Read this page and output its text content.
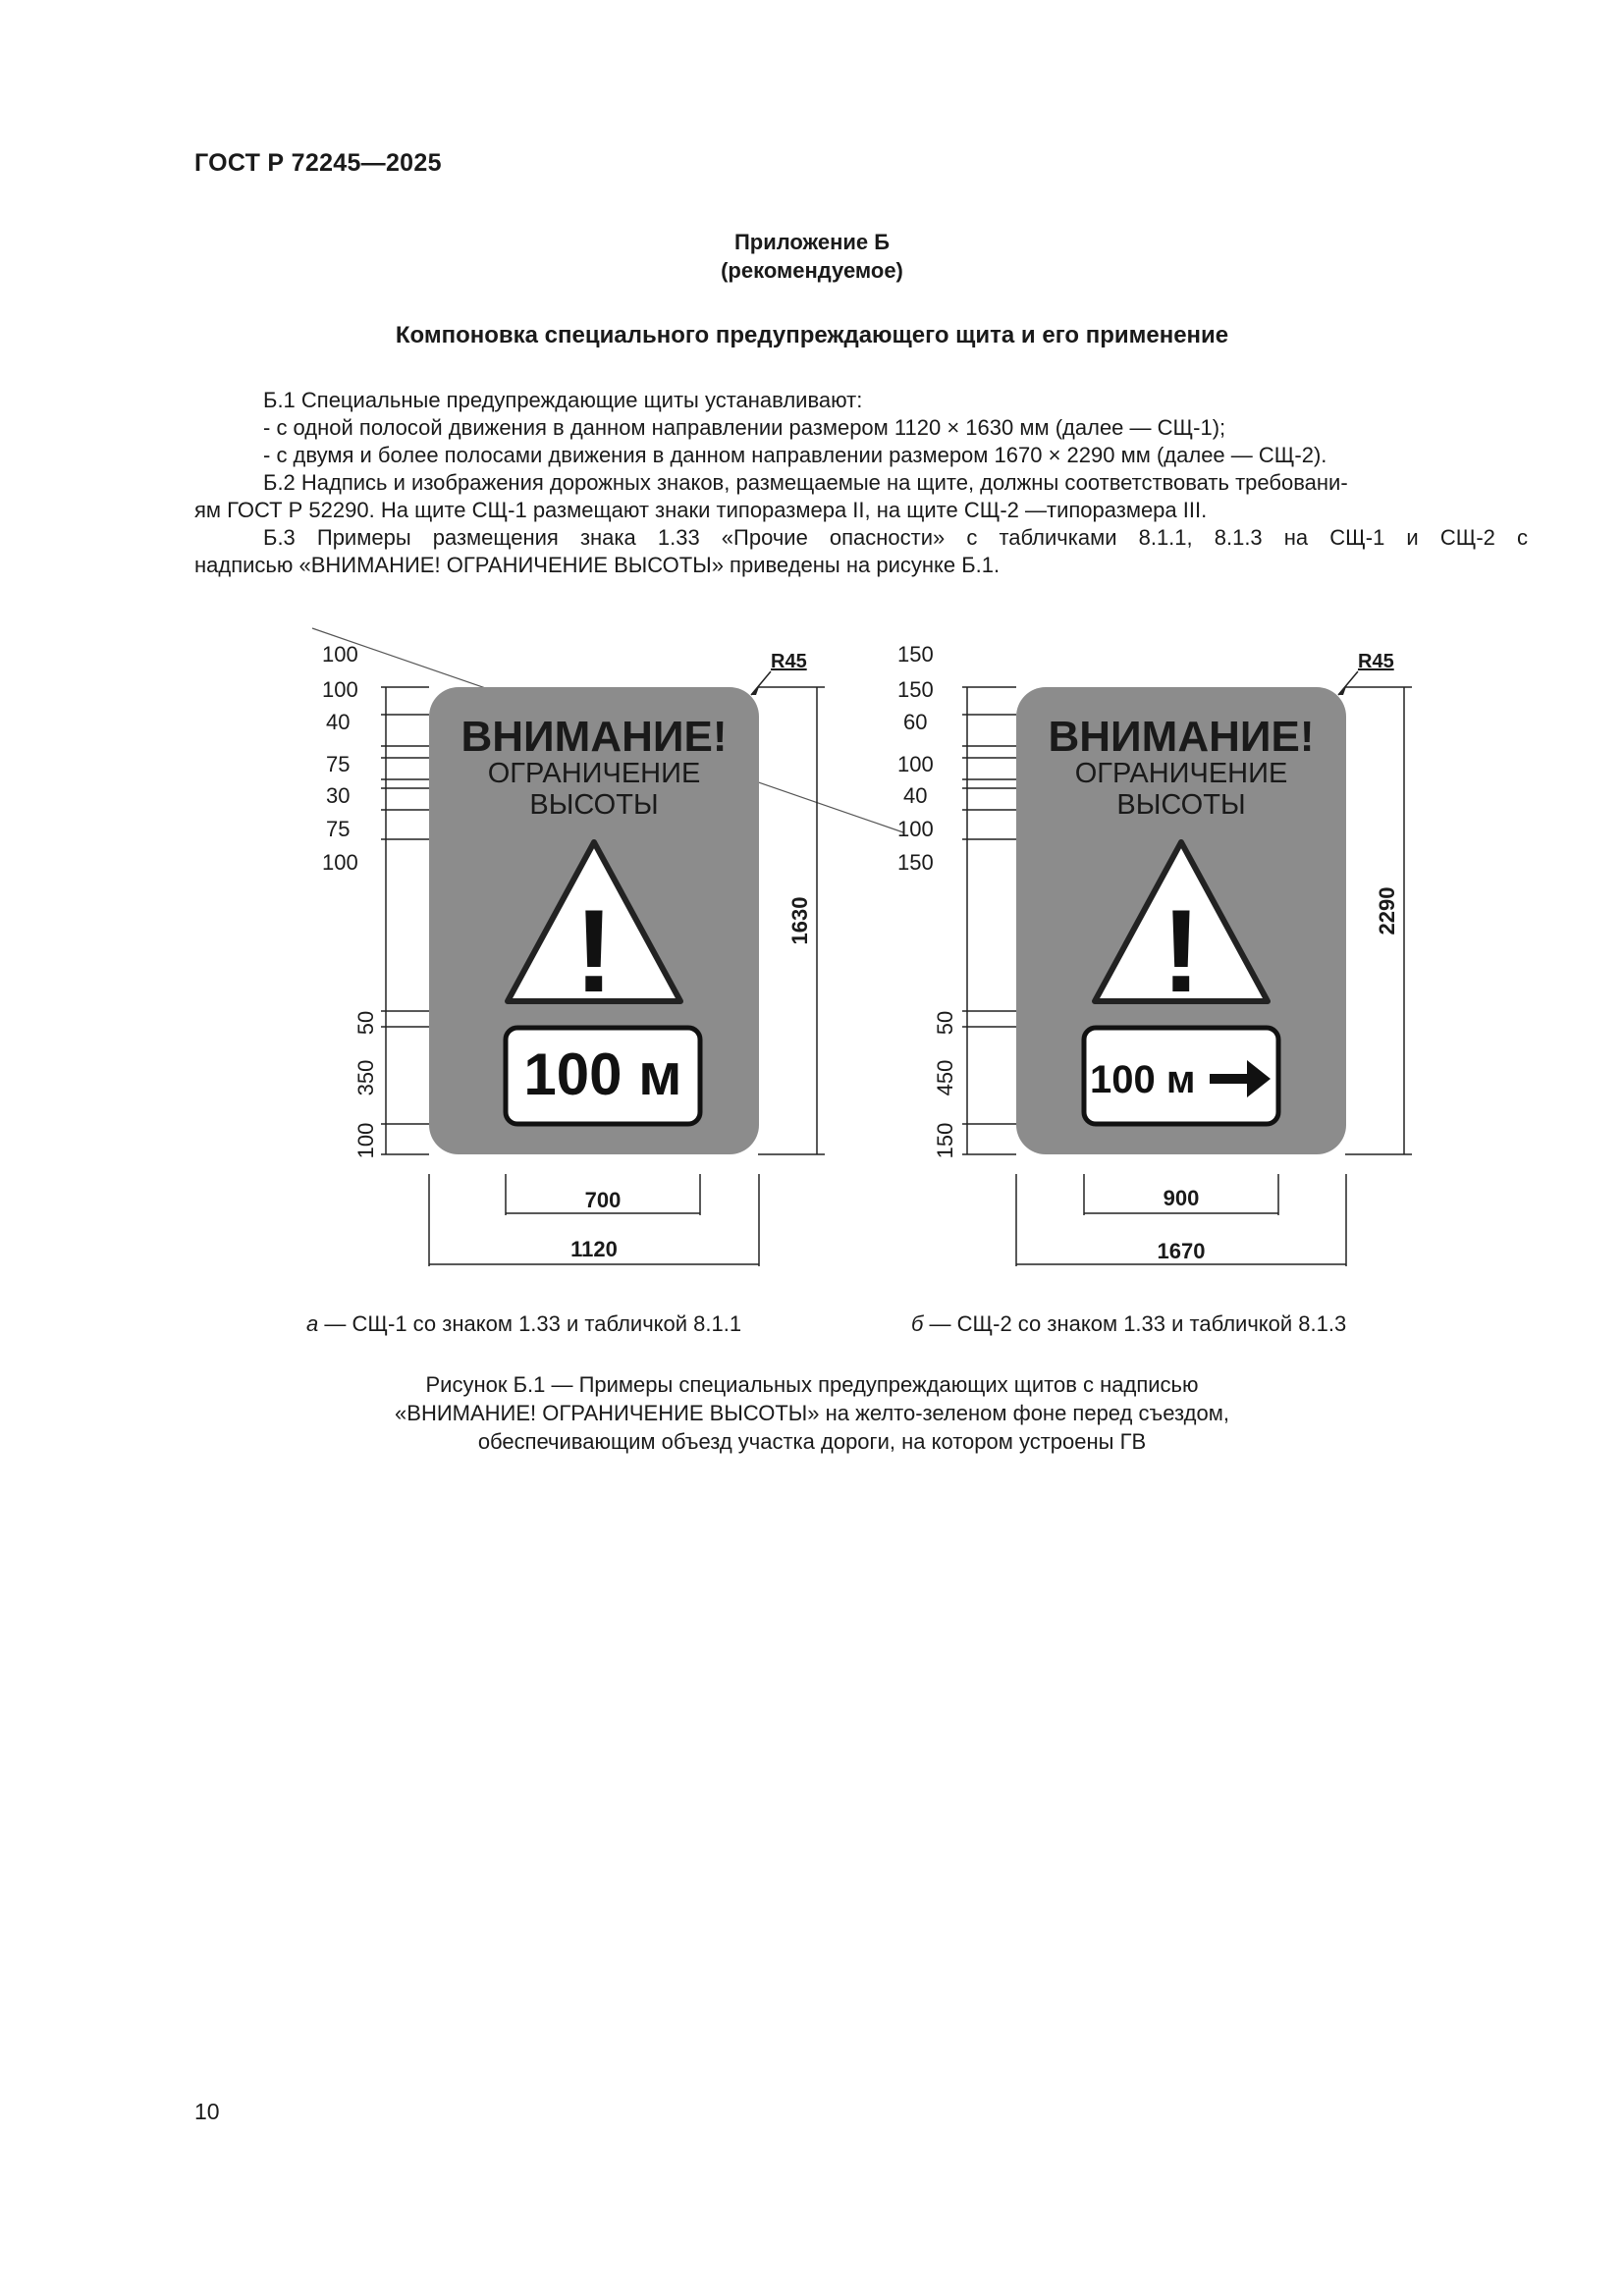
ГОСТ Р 72245—2025
Приложение Б
(рекомендуемое)
Компоновка специального предупреждающего щита и его применение
Б.1 Специальные предупреждающие щиты устанавливают:
- с одной полосой движения в данном направлении размером 1120 × 1630 мм (далее — СЩ-1);
- с двумя и более полосами движения в данном направлении размером 1670 × 2290 мм (далее — СЩ-2).
Б.2 Надпись и изображения дорожных знаков, размещаемые на щите, должны соответствовать требовани-
ям ГОСТ Р 52290. На щите СЩ-1 размещают знаки типоразмера II, на щите СЩ-2 —типоразмера III.
Б.3 Примеры размещения знака 1.33 «Прочие опасности» с табличками 8.1.1, 8.1.3 на СЩ-1 и СЩ-2 с
надписью «ВНИМАНИЕ! ОГРАНИЧЕНИЕ ВЫСОТЫ» приведены на рисунке Б.1.
ВНИМАНИЕ!
ОГРАНИЧЕНИЕ
ВЫСОТЫ
!
100 м
100
100
40
75
30
75
100
50
350
100
1630
R45
700
1120
ВНИМАНИЕ!
ОГРАНИЧЕНИЕ
ВЫСОТЫ
!
100 м
150
150
60
100
40
100
150
50
450
150
2290
R45
900
1670
а — СЩ-1 со знаком 1.33 и табличкой 8.1.1	б — СЩ-2 со знаком 1.33 и табличкой 8.1.3
Рисунок Б.1 — Примеры специальных предупреждающих щитов с надписью
«ВНИМАНИЕ! ОГРАНИЧЕНИЕ ВЫСОТЫ» на желто-зеленом фоне перед съездом,
обеспечивающим объезд участка дороги, на котором устроены ГВ
10
